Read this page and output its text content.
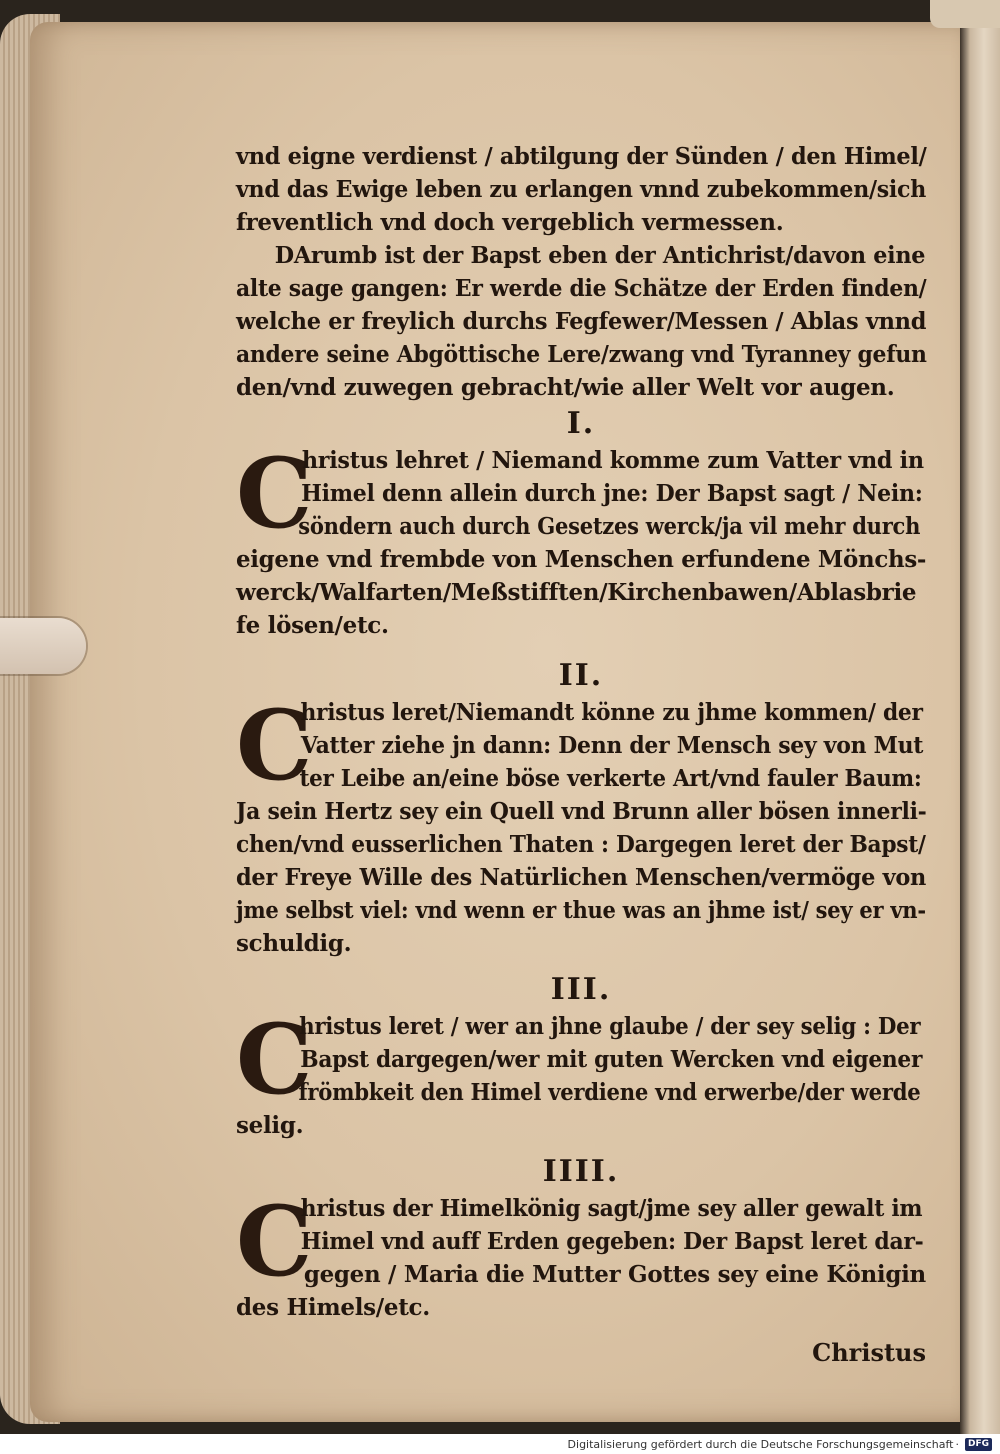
vnd eigne verdienst / abtilgung der Sünden / den Himel/
vnd das Ewige leben zu erlangen vnnd zubekommen/sich
freventlich vnd doch vergeblich vermessen.
DArumb ist der Bapst eben der Antichrist/davon eine
alte sage gangen: Er werde die Schätze der Erden finden/
welche er freylich durchs Fegfewer/Messen / Ablas vnnd
andere seine Abgöttische Lere/zwang vnd Tyranney gefun
den/vnd zuwegen gebracht/wie aller Welt vor augen.
I.
C
hristus lehret / Niemand komme zum Vatter vnd in
Himel denn allein durch jne: Der Bapst sagt / Nein:
söndern auch durch Gesetzes werck/ja vil mehr durch
eigene vnd frembde von Menschen erfundene Mönchs-
werck/Walfarten/Meßstifften/Kirchenbawen/Ablasbrie
fe lösen/etc.
II.
C
hristus leret/Niemandt könne zu jhme kommen/ der
Vatter ziehe jn dann: Denn der Mensch sey von Mut
ter Leibe an/eine böse verkerte Art/vnd fauler Baum:
Ja sein Hertz sey ein Quell vnd Brunn aller bösen innerli-
chen/vnd eusserlichen Thaten : Dargegen leret der Bapst/
der Freye Wille des Natürlichen Menschen/vermöge von
jme selbst viel: vnd wenn er thue was an jhme ist/ sey er vn-
schuldig.
III.
C
hristus leret / wer an jhne glaube / der sey selig : Der
Bapst dargegen/wer mit guten Wercken vnd eigener
frömbkeit den Himel verdiene vnd erwerbe/der werde
selig.
IIII.
C
hristus der Himelkönig sagt/jme sey aller gewalt im
Himel vnd auff Erden gegeben: Der Bapst leret dar-
gegen / Maria die Mutter Gottes sey eine Königin
des Himels/etc.
Christus
Digitalisierung gefördert durch die Deutsche Forschungsgemeinschaft ·	DFG
